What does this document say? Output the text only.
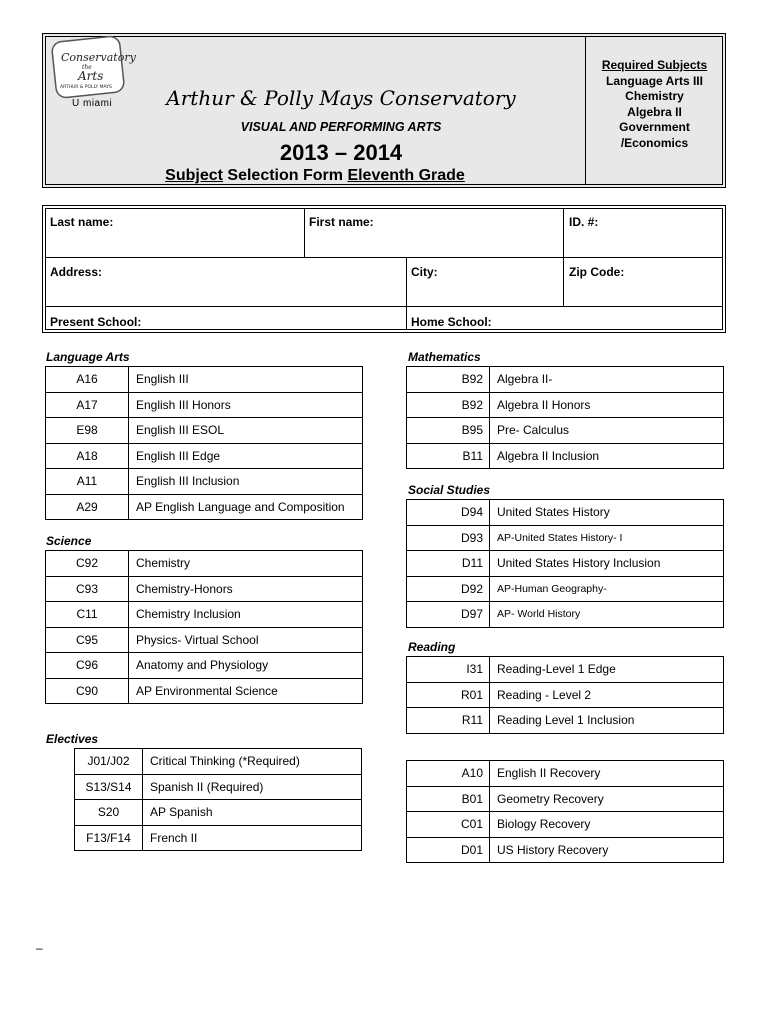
Conservatory
the
Arts
ARTHUR & POLLY MAYS
U miami	Arthur & Polly Mays Conservatory
VISUAL AND PERFORMING ARTS
2013 – 2014
Subject Selection Form Eleventh Grade
Required Subjects
Language Arts III
Chemistry
Algebra II
Government
/Economics
Last name:	First name:	ID. #:
Address:	City:	Zip Code:
Present School:	Home School:
Language Arts
A16	English III
A17	English III Honors
E98	English III ESOL
A18	English III Edge
A11	English III Inclusion
A29	AP English Language and Composition
Science
C92	Chemistry
C93	Chemistry-Honors
C11	Chemistry Inclusion
C95	Physics- Virtual School
C96	Anatomy and Physiology
C90	AP Environmental Science
Electives
J01/J02	Critical Thinking (*Required)
S13/S14	Spanish II (Required)
S20	AP Spanish
F13/F14	French II
Mathematics
B92	Algebra II-
B92	Algebra II Honors
B95	Pre- Calculus
B11	Algebra II Inclusion
Social Studies
D94	United States History
D93	AP-United States History- I
D11	United States History Inclusion
D92	AP-Human Geography-
D97	AP- World History
Reading
I31	Reading-Level 1 Edge
R01	Reading - Level 2
R11	Reading Level 1 Inclusion
A10	English II Recovery
B01	Geometry Recovery
C01	Biology Recovery
D01	US History Recovery
–
